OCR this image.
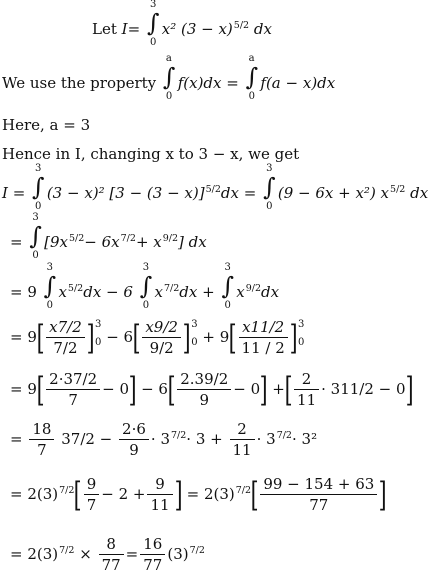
Let I= ∫
3
0
x² (3 − x)5/2 dx
We use the property ∫
a
0
f(x)dx = ∫
a
0
f(a − x)dx
Here, a = 3
Hence in I, changing x to 3 − x, we get
I = ∫
3
0
(3 − x)² [3 − (3 − x)]5/2dx = ∫
3
0
(9 − 6x + x²) x5/2 dx
= ∫
3
0
[9x5/2− 6x7/2+ x9/2] dx
= 9 ∫
3
0
x5/2dx − 6 ∫
3
0
x7/2dx + ∫
3
0
x9/2dx
= $9[ \frac{x7/2}{7/2}$ ] 3
$0 - 6[ \frac{x9/2}{9/2}$ ] 3
$0 + 9[ \frac{x11/2}{11 / 2}$ ] 3
0
= $9[ \frac{2\cdot 37/2}{7} - 0] - 6[ \frac{2.39/2}{9} - 0]$ +[ $\frac{2}{11} \cdot 311/2 - 0$]
= $\frac{18}{7} 37/2 - \frac{2\cdot 6}{9} \cdot 37/2\cdot 3 + \frac{2}{11} \cdot 37/2\cdot 3^2$
= $2(3)7/2[ \frac{9}{7} - 2 + \frac{9}{11}$ ] = $2(3)7/2[ \frac{99 - 154 + 63}{77}$ ]
= $2(3)7/2 \times \frac{8}{77} = \frac{16}{77} (3)7/2$
